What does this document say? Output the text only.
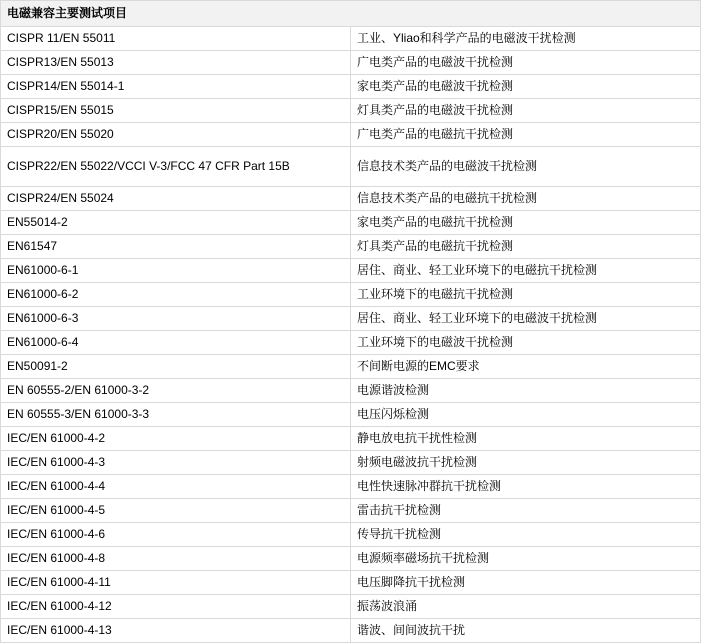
电磁兼容主要测试项目	
CISPR 11/EN 55011	工业、Yliao和科学产品的电磁波干扰检测
CISPR13/EN 55013	广电类产品的电磁波干扰检测
CISPR14/EN 55014-1	家电类产品的电磁波干扰检测
CISPR15/EN 55015	灯具类产品的电磁波干扰检测
CISPR20/EN 55020	广电类产品的电磁抗干扰检测
CISPR22/EN 55022/VCCI V-3/FCC 47 CFR Part 15B	信息技术类产品的电磁波干扰检测
CISPR24/EN 55024	信息技术类产品的电磁抗干扰检测
EN55014-2	家电类产品的电磁抗干扰检测
EN61547	灯具类产品的电磁抗干扰检测
EN61000-6-1	居住、商业、轻工业环境下的电磁抗干扰检测
EN61000-6-2	工业环境下的电磁抗干扰检测
EN61000-6-3	居住、商业、轻工业环境下的电磁波干扰检测
EN61000-6-4	工业环境下的电磁波干扰检测
EN50091-2	不间断电源的EMC要求
EN 60555-2/EN 61000-3-2	电源谐波检测
EN 60555-3/EN 61000-3-3	电压闪烁检测
IEC/EN 61000-4-2	静电放电抗干扰性检测
IEC/EN 61000-4-3	射频电磁波抗干扰检测
IEC/EN 61000-4-4	电性快速脉冲群抗干扰检测
IEC/EN 61000-4-5	雷击抗干扰检测
IEC/EN 61000-4-6	传导抗干扰检测
IEC/EN 61000-4-8	电源频率磁场抗干扰检测
IEC/EN 61000-4-11	电压脚降抗干扰检测
IEC/EN 61000-4-12	振荡波浪涌
IEC/EN 61000-4-13	谐波、间间波抗干扰
